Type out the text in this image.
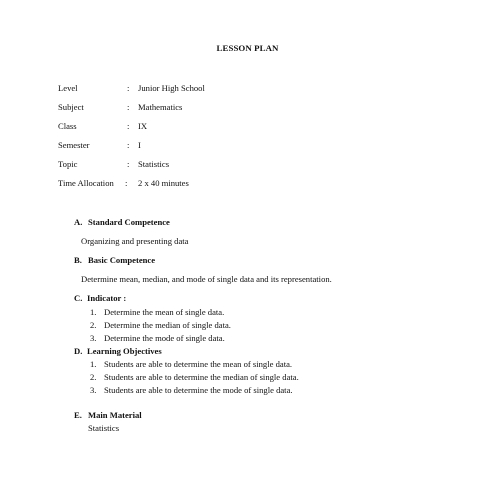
LESSON PLAN
Level	: Junior High School
Subject	: Mathematics
Class	: IX
Semester	: I
Topic	: Statistics
Time Allocation : 2 x 40 minutes
A. Standard Competence
Organizing and presenting data
B. Basic Competence
Determine mean, median, and mode of single data and its representation.
C. Indicator :
1. Determine the mean of single data.
2. Determine the median of single data.
3. Determine the mode of single data.
D. Learning Objectives
1. Students are able to determine the mean of single data.
2. Students are able to determine the median of single data.
3. Students are able to determine the mode of single data.
E. Main Material
Statistics
